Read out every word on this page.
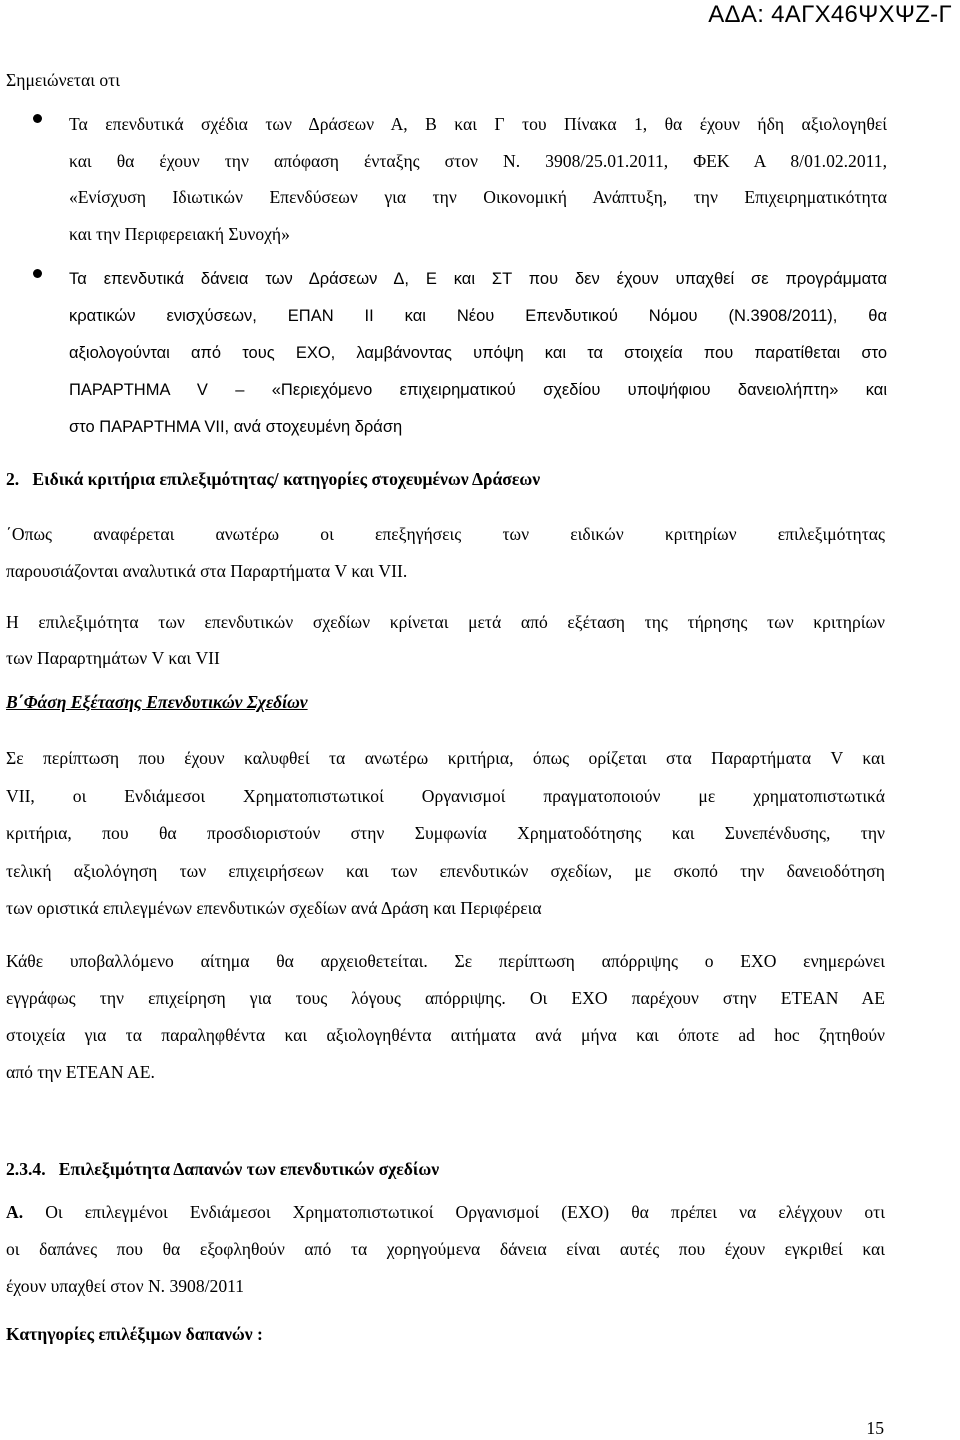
ΑΔΑ: 4ΑΓΧ46ΨΧΨΖ-Γ
Σημειώνεται οτι
Τα επενδυτικά σχέδια των Δράσεων Α, Β και Γ του Πίνακα 1, θα έχουν ήδη αξιολογηθεί
και θα έχουν την απόφαση ένταξης στον Ν. 3908/25.01.2011, ΦΕΚ Α 8/01.02.2011,
«Ενίσχυση Ιδιωτικών Επενδύσεων για την Οικονομική Ανάπτυξη, την Επιχειρηματικότητα
και την Περιφερειακή Συνοχή»
Τα επενδυτικά δάνεια των Δράσεων Δ, Ε και ΣΤ που δεν έχουν υπαχθεί σε προγράμματα
κρατικών ενισχύσεων, ΕΠΑΝ ΙΙ και Νέου Επενδυτικού Νόμου (Ν.3908/2011), θα
αξιολογούνται από τους ΕΧΟ, λαμβάνοντας υπόψη και τα στοιχεία που παρατίθεται στο
ΠΑΡΑΡΤΗΜΑ V – «Περιεχόμενο επιχειρηματικού σχεδίου υποψήφιου δανειολήπτη» και
στο ΠΑΡΑΡΤΗΜΑ VII, ανά στοχευμένη δράση
2. Ειδικά κριτήρια επιλεξιμότητας/ κατηγορίες στοχευμένων Δράσεων
΄Οπως αναφέρεται ανωτέρω οι επεξηγήσεις των ειδικών κριτηρίων επιλεξιμότητας
παρουσιάζονται αναλυτικά στα Παραρτήματα V και VII.
Η επιλεξιμότητα των επενδυτικών σχεδίων κρίνεται μετά από εξέταση της τήρησης των κριτηρίων
των Παραρτημάτων V και VII
Β΄Φάση Εξέτασης Επενδυτικών Σχεδίων
Σε περίπτωση που έχουν καλυφθεί τα ανωτέρω κριτήρια, όπως ορίζεται στα Παραρτήματα V και
VII, οι Ενδιάμεσοι Χρηματοπιστωτικοί Οργανισμοί πραγματοποιούν με χρηματοπιστωτικά
κριτήρια, που θα προσδιοριστούν στην Συμφωνία Χρηματοδότησης και Συνεπένδυσης, την
τελική αξιολόγηση των επιχειρήσεων και των επενδυτικών σχεδίων, με σκοπό την δανειοδότηση
των οριστικά επιλεγμένων επενδυτικών σχεδίων ανά Δράση και Περιφέρεια
Κάθε υποβαλλόμενο αίτημα θα αρχειοθετείται. Σε περίπτωση απόρριψης ο ΕΧΟ ενημερώνει
εγγράφως την επιχείρηση για τους λόγους απόρριψης. Οι ΕΧΟ παρέχουν στην ΕΤΕΑΝ ΑΕ
στοιχεία για τα παραληφθέντα και αξιολογηθέντα αιτήματα ανά μήνα και όποτε ad hoc ζητηθούν
από την ΕΤΕΑΝ ΑΕ.
2.3.4. Επιλεξιμότητα Δαπανών των επενδυτικών σχεδίων
Α. Οι επιλεγμένοι Ενδιάμεσοι Χρηματοπιστωτικοί Οργανισμοί (ΕΧΟ) θα πρέπει να ελέγχουν οτι
οι δαπάνες που θα εξοφληθούν από τα χορηγούμενα δάνεια είναι αυτές που έχουν εγκριθεί και
έχουν υπαχθεί στον Ν. 3908/2011
Κατηγορίες επιλέξιμων δαπανών :
15
